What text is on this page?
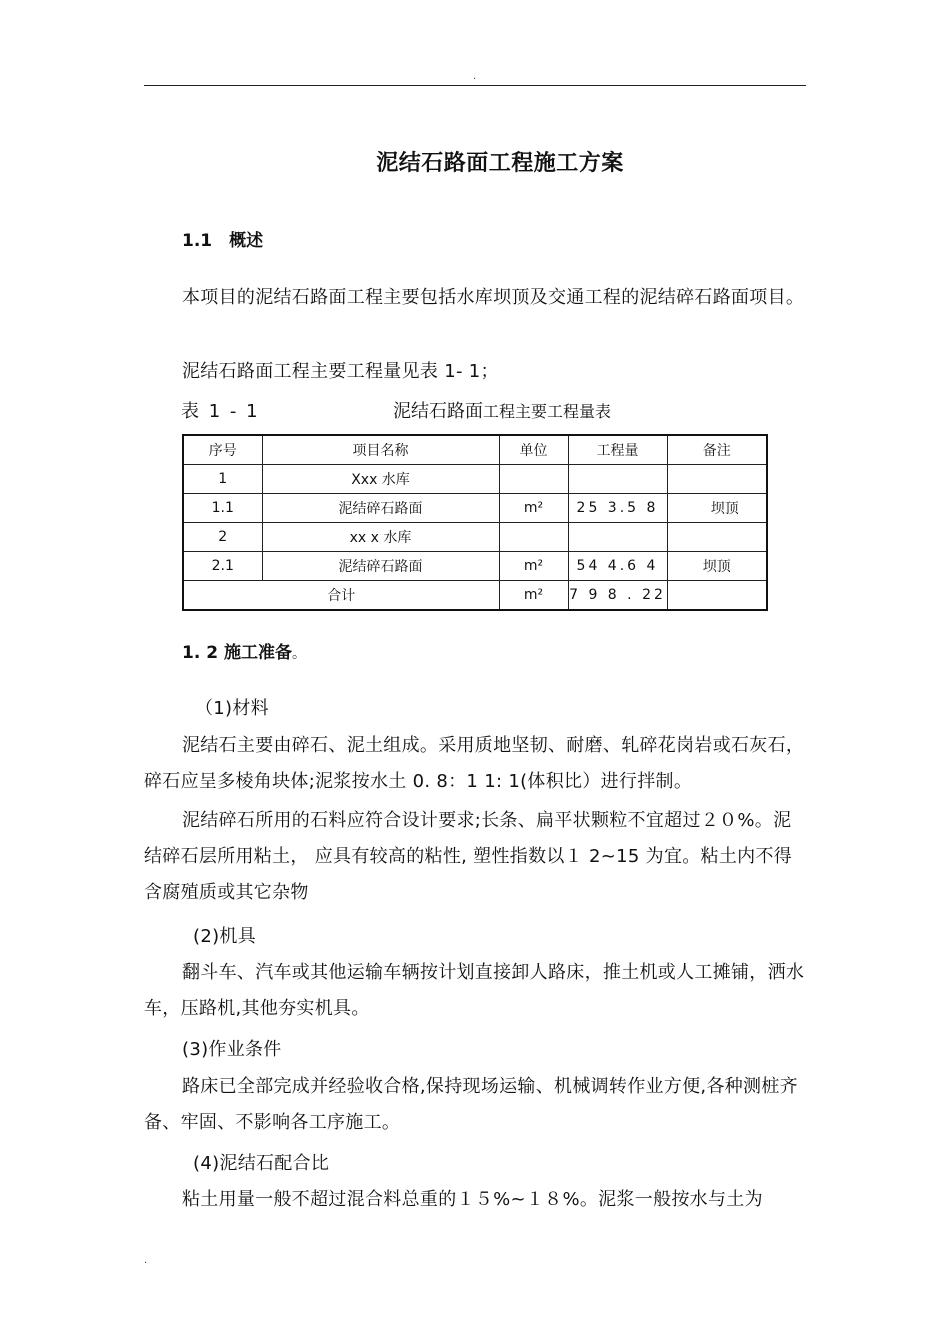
.
泥结石路面工程施工方案
1.1　概述

本项目的泥结石路面工程主要包括水库坝顶及交通工程的泥结碎石路面项目。

泥结石路面工程主要工程量见表 1- 1；
表 1 - 1	泥结石路面工程主要工程量表
序号	项目名称	单位	工程量	备注
1	Xxx 水库			
1.1	泥结碎石路面	m²	25 3.5 8	坝顶
2	xx x 水库			
2.1	泥结碎石路面	m²	54 4.6 4	坝顶
合计		m²	7 9 8 . 22	
1. 2 施工准备。
（1)材料

泥结石主要由碎石、泥土组成。采用质地坚韧、耐磨、轧碎花岗岩或石灰石，碎石应呈多棱角块体;泥浆按水土 0. 8：1 1: 1(体积比）进行拌制。

泥结碎石所用的石料应符合设计要求;长条、扁平状颗粒不宜超过２０%。泥结碎石层所用粘土， 应具有较高的粘性, 塑性指数以１ 2~15 为宜。粘土内不得含腐殖质或其它杂物

(2)机具

翻斗车、汽车或其他运输车辆按计划直接卸人路床，推土机或人工摊铺，洒水车，压路机,其他夯实机具。

(3)作业条件

路床已全部完成并经验收合格,保持现场运输、机械调转作业方便,各种测桩齐备、牢固、不影响各工序施工。

(4)泥结石配合比
粘土用量一般不超过混合料总重的１５%~１８%。泥浆一般按水与土为
.
